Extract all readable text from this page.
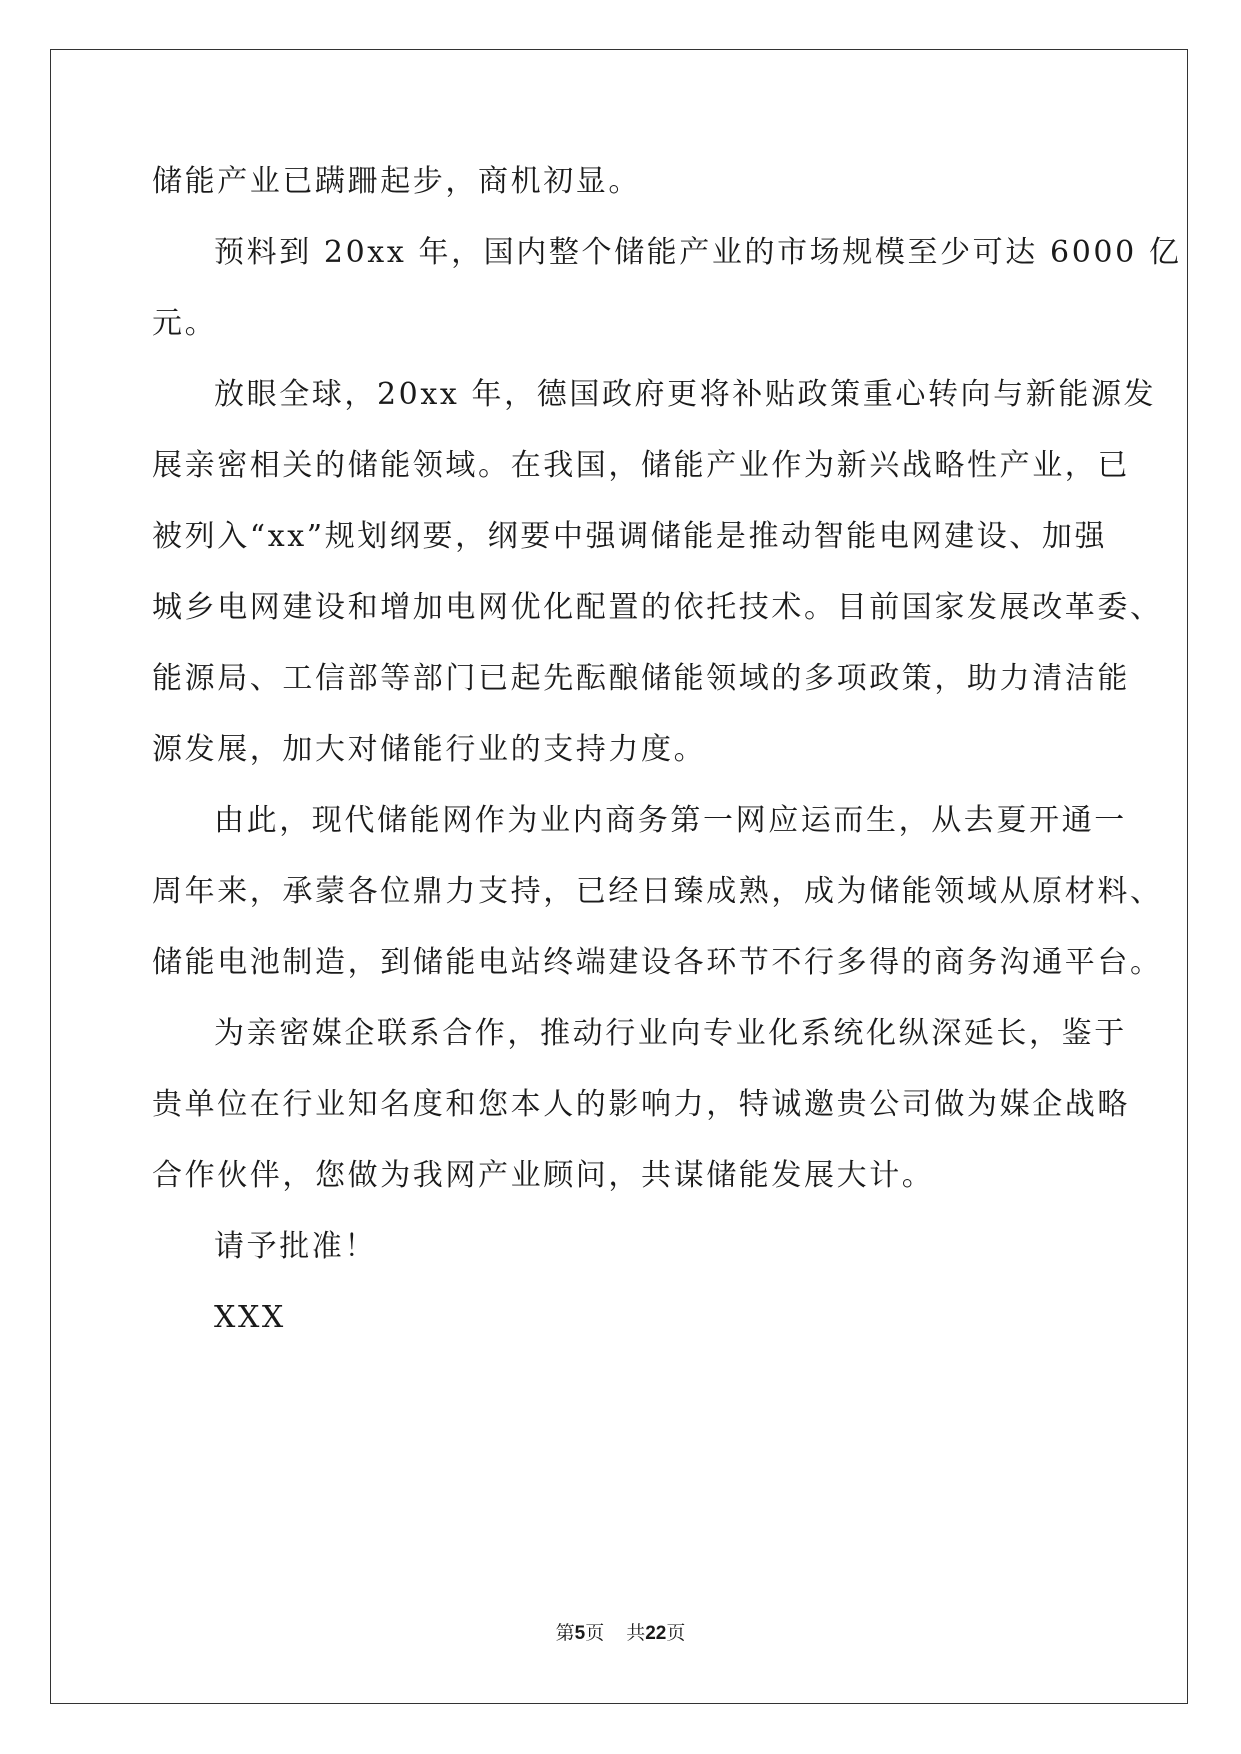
储能产业已蹒跚起步，商机初显。
预料到 20xx 年，国内整个储能产业的市场规模至少可达 6000 亿
元。
放眼全球，20xx 年，德国政府更将补贴政策重心转向与新能源发
展亲密相关的储能领域。在我国，储能产业作为新兴战略性产业，已
被列入“xx”规划纲要，纲要中强调储能是推动智能电网建设、加强
城乡电网建设和增加电网优化配置的依托技术。目前国家发展改革委、
能源局、工信部等部门已起先酝酿储能领域的多项政策，助力清洁能
源发展，加大对储能行业的支持力度。
由此，现代储能网作为业内商务第一网应运而生，从去夏开通一
周年来，承蒙各位鼎力支持，已经日臻成熟，成为储能领域从原材料、
储能电池制造，到储能电站终端建设各环节不行多得的商务沟通平台。
为亲密媒企联系合作，推动行业向专业化系统化纵深延长，鉴于
贵单位在行业知名度和您本人的影响力，特诚邀贵公司做为媒企战略
合作伙伴，您做为我网产业顾问，共谋储能发展大计。
请予批准！
XXX
第5页 共22页
